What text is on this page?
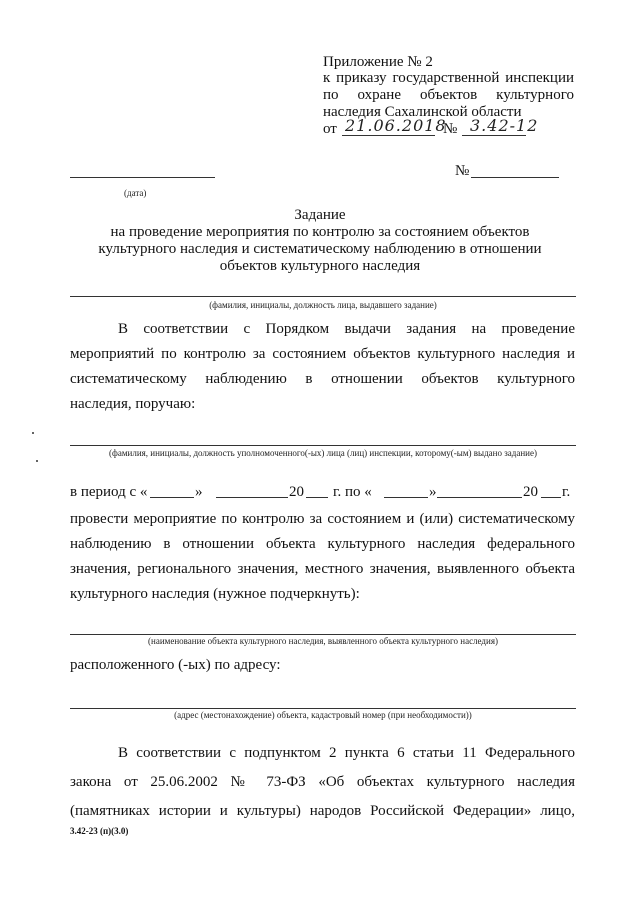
Приложение № 2
к приказу государственной инспекции
по охране объектов культурного
наследия Сахалинской области
от 21.06.2018
№ 3.42-12
(дата)
№
Задание
на проведение мероприятия по контролю за состоянием объектов
культурного наследия и систематическому наблюдению в отношении
объектов культурного наследия
(фамилия, инициалы, должность лица, выдавшего задание)
В соответствии с Порядком выдачи задания на проведение
мероприятий по контролю за состоянием объектов культурного наследия и
систематическому наблюдению в отношении объектов культурного
наследия, поручаю:
(фамилия, инициалы, должность уполномоченного(-ых) лица (лиц) инспекции, которому(-ым) выдано задание)
в период с «	»	20 г. по «	»	20 г.
провести мероприятие по контролю за состоянием и (или) систематическому
наблюдению в отношении объекта культурного наследия федерального
значения, регионального значения, местного значения, выявленного объекта
культурного наследия (нужное подчеркнуть):
(наименование объекта культурного наследия, выявленного объекта культурного наследия)
расположенного (-ых) по адресу:
(адрес (местонахождение) объекта, кадастровый номер (при необходимости))
В соответствии с подпунктом 2 пункта 6 статьи 11 Федерального
закона от 25.06.2002 № 73-ФЗ «Об объектах культурного наследия
(памятниках истории и культуры) народов Российской Федерации» лицо,
3.42-23 (п)(3.0)
